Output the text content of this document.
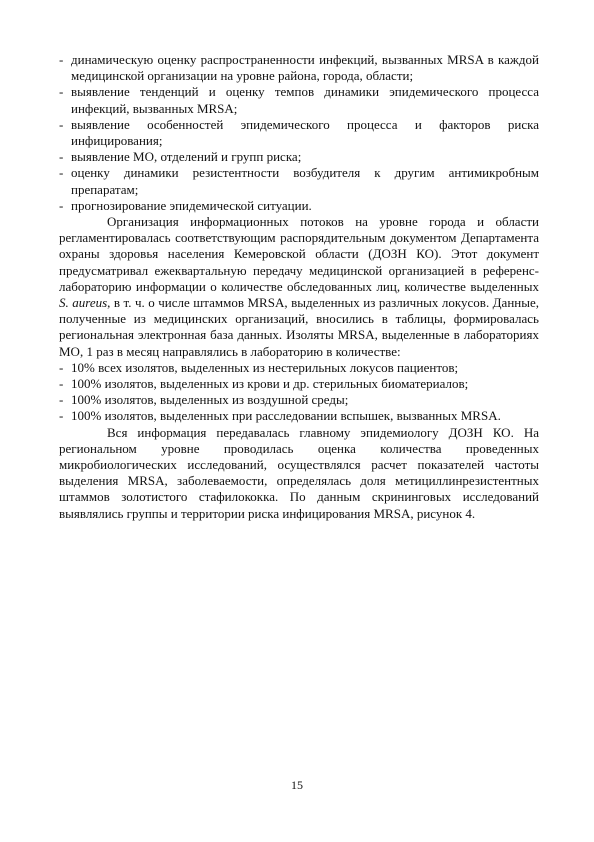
- динамическую оценку распространенности инфекций, вызванных MRSA в каждой медицинской организации на уровне района, города, области;
- выявление тенденций и оценку темпов динамики эпидемического процесса инфекций, вызванных MRSA;
- выявление особенностей эпидемического процесса и факторов риска инфицирования;
- выявление МО, отделений и групп риска;
- оценку динамики резистентности возбудителя к другим антимикробным препаратам;
- прогнозирование эпидемической ситуации.

Организация информационных потоков на уровне города и области регламентировалась соответствующим распорядительным документом Департамента охраны здоровья населения Кемеровской области (ДОЗН КО). Этот документ предусматривал ежеквартальную передачу медицинской организацией в референс-лабораторию информации о количестве обследованных лиц, количестве выделенных S. aureus, в т. ч. о числе штаммов MRSA, выделенных из различных локусов. Данные, полученные из медицинских организаций, вносились в таблицы, формировалась региональная электронная база данных. Изоляты MRSA, выделенные в лабораториях МО, 1 раз в месяц направлялись в лабораторию в количестве:

- 10% всех изолятов, выделенных из нестерильных локусов пациентов;
- 100% изолятов, выделенных из крови и др. стерильных биоматериалов;
- 100% изолятов, выделенных из воздушной среды;
- 100% изолятов, выделенных при расследовании вспышек, вызванных MRSA.

Вся информация передавалась главному эпидемиологу ДОЗН КО. На региональном уровне проводилась оценка количества проведенных микробиологических исследований, осуществлялся расчет показателей частоты выделения MRSA, заболеваемости, определялась доля метициллинрезистентных штаммов золотистого стафилококка. По данным скрининговых исследований выявлялись группы и территории риска инфицирования MRSA, рисунок 4.

15
